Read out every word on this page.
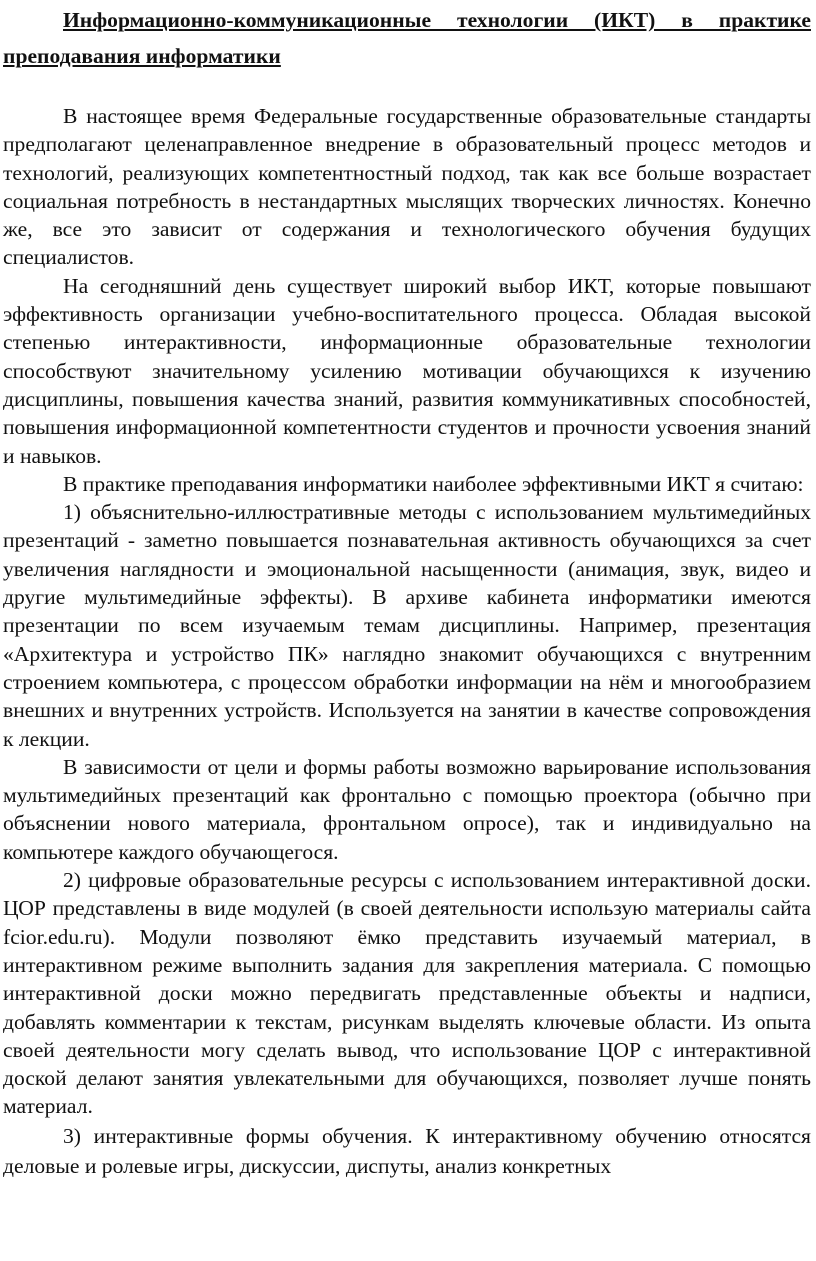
Информационно-коммуникационные технологии (ИКТ) в практике
преподавания информатики

В настоящее время Федеральные государственные образовательные стандарты предполагают целенаправленное внедрение в образовательный процесс методов и технологий, реализующих компетентностный подход, так как все больше возрастает социальная потребность в нестандартных мыслящих творческих личностях. Конечно же, все это зависит от содержания и технологического обучения будущих специалистов.

На сегодняшний день существует широкий выбор ИКТ, которые повышают эффективность организации учебно-воспитательного процесса. Обладая высокой степенью интерактивности, информационные образовательные технологии способствуют значительному усилению мотивации обучающихся к изучению дисциплины, повышения качества знаний, развития коммуникативных способностей, повышения информационной компетентности студентов и прочности усвоения знаний и навыков.

В практике преподавания информатики наиболее эффективными ИКТ я считаю:

1) объяснительно-иллюстративные методы с использованием мультимедийных презентаций - заметно повышается познавательная активность обучающихся за счет увеличения наглядности и эмоциональной насыщенности (анимация, звук, видео и другие мультимедийные эффекты). В архиве кабинета информатики имеются презентации по всем изучаемым темам дисциплины. Например, презентация «Архитектура и устройство ПК» наглядно знакомит обучающихся с внутренним строением компьютера, с процессом обработки информации на нём и многообразием внешних и внутренних устройств. Используется на занятии в качестве сопровождения к лекции.

В зависимости от цели и формы работы возможно варьирование использования мультимедийных презентаций как фронтально с помощью проектора (обычно при объяснении нового материала, фронтальном опросе), так и индивидуально на компьютере каждого обучающегося.

2) цифровые образовательные ресурсы с использованием интерактивной доски. ЦОР представлены в виде модулей (в своей деятельности использую материалы сайта fcior.edu.ru). Модули позволяют ёмко представить изучаемый материал, в интерактивном режиме выполнить задания для закрепления материала. С помощью интерактивной доски можно передвигать представленные объекты и надписи, добавлять комментарии к текстам, рисункам выделять ключевые области. Из опыта своей деятельности могу сделать вывод, что использование ЦОР с интерактивной доской делают занятия увлекательными для обучающихся, позволяет лучше понять материал.

3) интерактивные формы обучения. К интерактивному обучению относятся деловые и ролевые игры, дискуссии, диспуты, анализ конкретных
